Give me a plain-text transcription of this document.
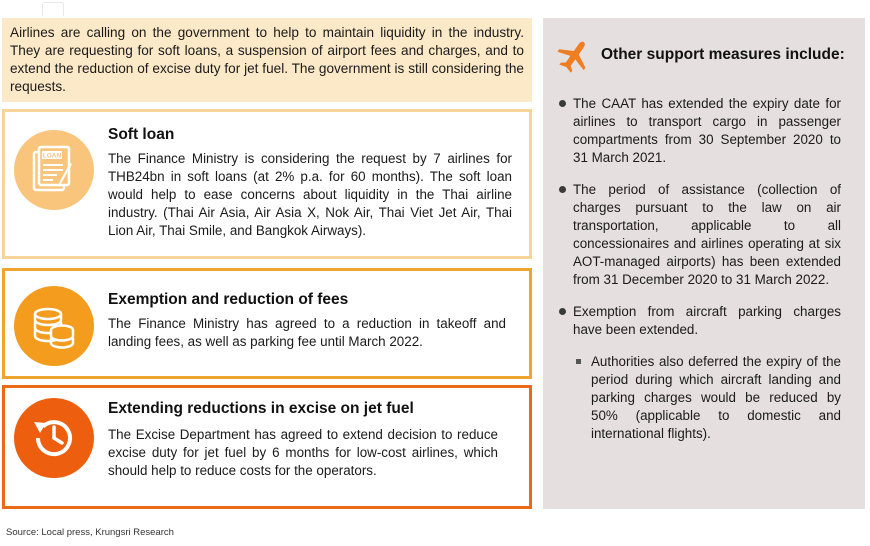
Airlines are calling on the government to help to maintain liquidity in the industry. They are requesting for soft loans, a suspension of airport fees and charges, and to extend the reduction of excise duty for jet fuel. The government is still considering the requests.

LOAN
Soft loan

The Finance Ministry is considering the request by 7 airlines for THB24bn in soft loans (at 2% p.a. for 60 months). The soft loan would help to ease concerns about liquidity in the Thai airline industry. (Thai Air Asia, Air Asia X, Nok Air, Thai Viet Jet Air, Thai Lion Air, Thai Smile, and Bangkok Airways).

Exemption and reduction of fees

The Finance Ministry has agreed to a reduction in takeoff and landing fees, as well as parking fee until March 2022.

Extending reductions in excise on jet fuel

The Excise Department has agreed to extend decision to reduce excise duty for jet fuel by 6 months for low-cost airlines, which should help to reduce costs for the operators.

Other support measures include:
The CAAT has extended the expiry date for airlines to transport cargo in passenger compartments from 30 September 2020 to 31 March 2021.
The period of assistance (collection of charges pursuant to the law on air transportation, applicable to all concessionaires and airlines operating at six AOT-managed airports) has been extended from 31 December 2020 to 31 March 2022.
Exemption from aircraft parking charges have been extended.
Authorities also deferred the expiry of the period during which aircraft landing and parking charges would be reduced by 50% (applicable to domestic and international flights).
Source: Local press, Krungsri Research
